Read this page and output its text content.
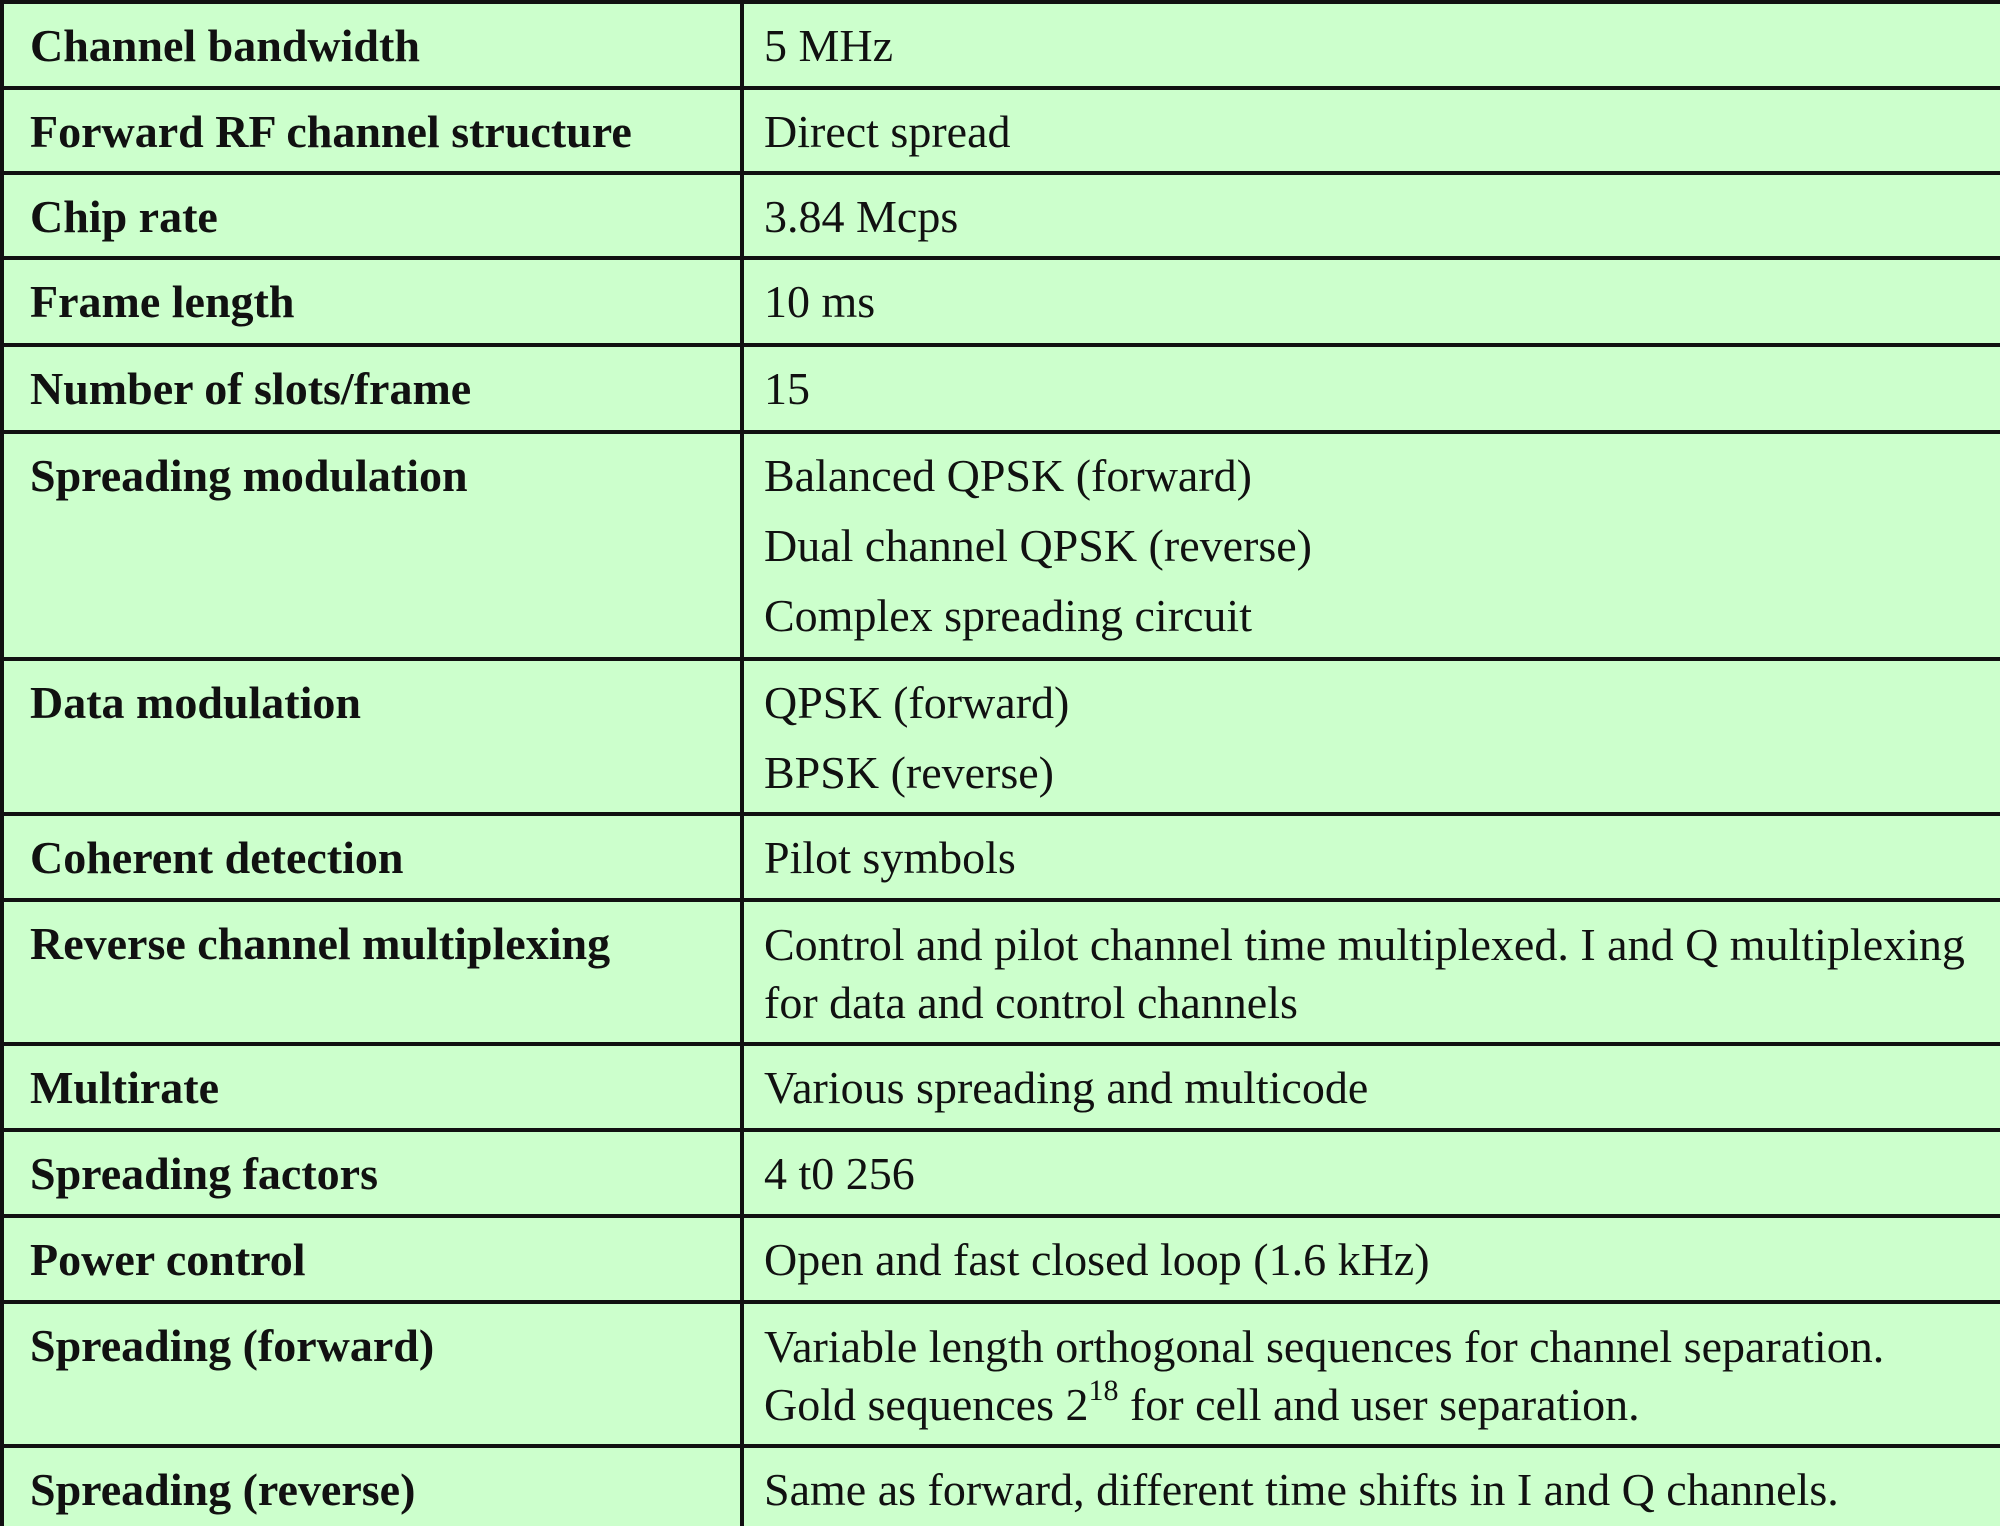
Channel bandwidth	5 MHz

Forward RF channel structure	Direct spread

Chip rate	3.84 Mcps

Frame length	10 ms

Number of slots/frame	15

Spreading modulation	Balanced QPSK (forward)
Dual channel QPSK (reverse)
Complex spreading circuit

Data modulation	QPSK (forward)
BPSK (reverse)

Coherent detection	Pilot symbols

Reverse channel multiplexing	Control and pilot channel time multiplexed. I and Q multiplexing for data and control channels

Multirate	Various spreading and multicode

Spreading factors	4 t0 256

Power control	Open and fast closed loop (1.6 kHz)

Spreading (forward)	Variable length orthogonal sequences for channel separation. Gold sequences $2^{18}$ for cell and user separation.

Spreading (reverse)	Same as forward, different time shifts in I and Q channels.
